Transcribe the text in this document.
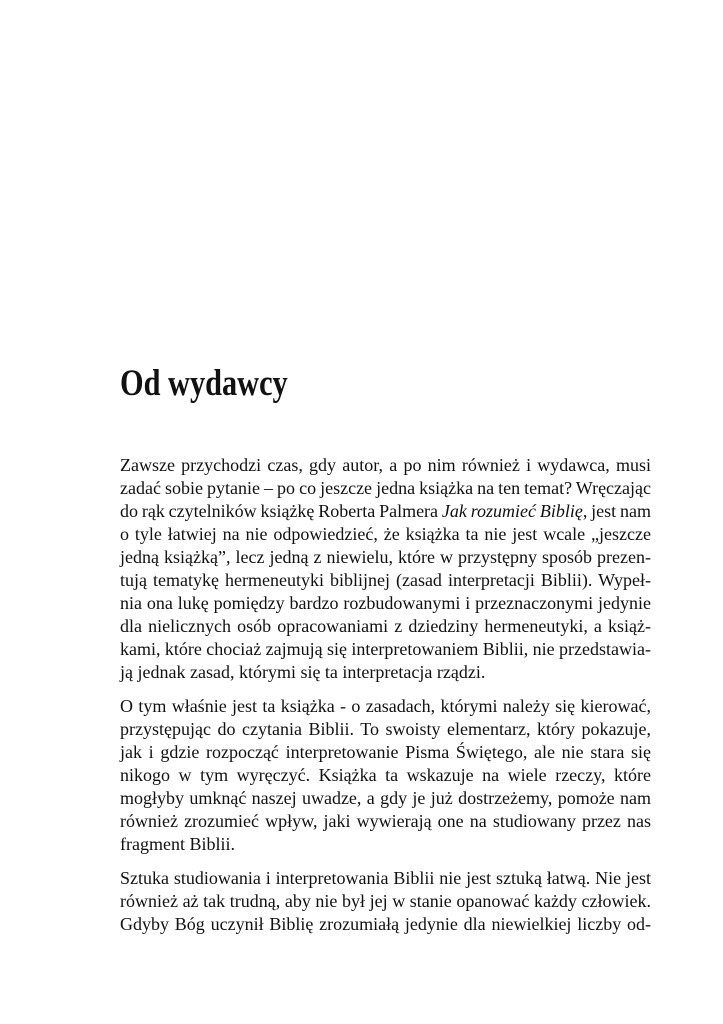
Od wydawcy

Zawsze przychodzi czas, gdy autor, a po nim również i wydawca, musi
zadać sobie pytanie – po co jeszcze jedna książka na ten temat? Wręczając
do rąk czytelników książkę Roberta Palmera Jak rozumieć Biblię, jest nam
o tyle łatwiej na nie odpowiedzieć, że książka ta nie jest wcale „jeszcze
jedną książką”, lecz jedną z niewielu, które w przystępny sposób prezen-
tują tematykę hermeneutyki biblijnej (zasad interpretacji Biblii). Wypeł-
nia ona lukę pomiędzy bardzo rozbudowanymi i przeznaczonymi jedynie
dla nielicznych osób opracowaniami z dziedziny hermeneutyki, a książ-
kami, które chociaż zajmują się interpretowaniem Biblii, nie przedstawia-
ją jednak zasad, którymi się ta interpretacja rządzi.

O tym właśnie jest ta książka - o zasadach, którymi należy się kierować,
przystępując do czytania Biblii. To swoisty elementarz, który pokazuje,
jak i gdzie rozpocząć interpretowanie Pisma Świętego, ale nie stara się
nikogo w tym wyręczyć. Książka ta wskazuje na wiele rzeczy, które
mogłyby umknąć naszej uwadze, a gdy je już dostrzeżemy, pomoże nam
również zrozumieć wpływ, jaki wywierają one na studiowany przez nas
fragment Biblii.

Sztuka studiowania i interpretowania Biblii nie jest sztuką łatwą. Nie jest
również aż tak trudną, aby nie był jej w stanie opanować każdy człowiek.
Gdyby Bóg uczynił Biblię zrozumiałą jedynie dla niewielkiej liczby od-
